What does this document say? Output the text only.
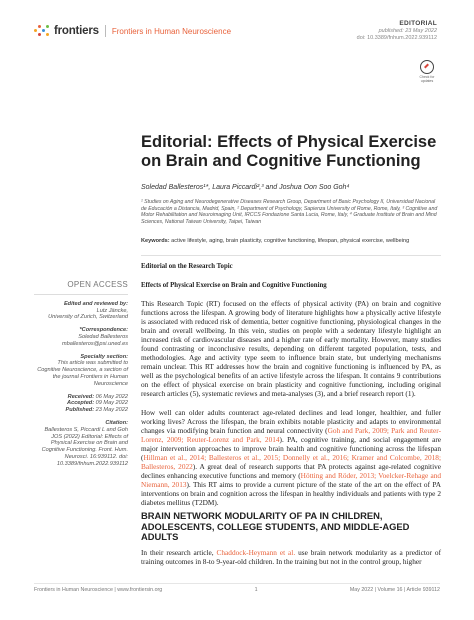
frontiers Frontiers in Human Neuroscience
EDITORIAL
published: 23 May 2022
doi: 10.3389/fnhum.2022.939112
Check for updates
Editorial: Effects of Physical Exercise on Brain and Cognitive Functioning
Soledad Ballesteros¹*, Laura Piccardi²,³ and Joshua Oon Soo Goh⁴
¹ Studies on Aging and Neurodegenerative Diseases Research Group, Department of Basic Psychology II, Universidad Nacional de Educación a Distancia, Madrid, Spain, ² Department of Psychology, Sapienza University of Rome, Rome, Italy, ³ Cognitive and Motor Rehabilitation and Neuroimaging Unit, IRCCS Fondazione Santa Lucia, Rome, Italy, ⁴ Graduate Institute of Brain and Mind Sciences, National Taiwan University, Taipei, Taiwan
Keywords: active lifestyle, aging, brain plasticity, cognitive functioning, lifespan, physical exercise, wellbeing
Editorial on the Research Topic
Effects of Physical Exercise on Brain and Cognitive Functioning

This Research Topic (RT) focused on the effects of physical activity (PA) on brain and cognitive functions across the lifespan. A growing body of literature highlights how a physically active lifestyle is associated with reduced risk of dementia, better cognitive functioning, physiological changes in the brain and overall wellbeing. In this vein, studies on people with a sedentary lifestyle highlight an increased risk of cardiovascular diseases and a higher rate of early mortality. However, many studies found contrasting or inconclusive results, depending on different targeted population, tests, and methodologies. Age and activity type seem to influence brain state, but underlying mechanisms remain unclear. This RT addresses how the brain and cognitive functioning is influenced by PA, as well as the psychological benefits of an active lifestyle across the lifespan. It contains 9 contributions on the effect of physical exercise on brain plasticity and cognitive functioning, including original research articles (5), systematic reviews and meta-analyses (3), and a brief research report (1).

How well can older adults counteract age-related declines and lead longer, healthier, and fuller working lives? Across the lifespan, the brain exhibits notable plasticity and adapts to environmental changes via modifying brain function and neural connectivity (Goh and Park, 2009; Park and Reuter-Lorenz, 2009; Reuter-Lorenz and Park, 2014). PA, cognitive training, and social engagement are major intervention approaches to improve brain health and cognitive functioning across the lifespan (Hillman et al., 2014; Ballesteros et al., 2015; Donnelly et al., 2016; Kramer and Colcombe, 2018; Ballesteros, 2022). A great deal of research supports that PA protects against age-related cognitive declines enhancing executive functions and memory (Hötting and Röder, 2013; Voelcker-Rehage and Niemann, 2013). This RT aims to provide a current picture of the state of the art on the effect of PA interventions on brain and cognition across the lifespan in healthy individuals and patients with type 2 diabetes mellitus (T2DM).

BRAIN NETWORK MODULARITY OF PA IN CHILDREN, ADOLESCENTS, COLLEGE STUDENTS, AND MIDDLE-AGED ADULTS

In their research article, Chaddock-Heymann et al. use brain network modularity as a predictor of training outcomes in 8-to 9-year-old children. In the training but not in the control group, higher

OPEN ACCESS
Edited and reviewed by:
Lutz Jäncke,
University of Zurich, Switzerland
*Correspondence:
Soledad Ballesteros
mballesteros@psi.uned.es
Specialty section:
This article was submitted to Cognitive Neuroscience, a section of the journal Frontiers in Human Neuroscience
Received: 06 May 2022
Accepted: 09 May 2022
Published: 23 May 2022
Citation:
Ballesteros S, Piccardi L and Goh JOS (2022) Editorial: Effects of Physical Exercise on Brain and Cognitive Functioning. Front. Hum. Neurosci. 16:939112. doi: 10.3389/fnhum.2022.939112
Frontiers in Human Neuroscience | www.frontiersin.org	1	May 2022 | Volume 16 | Article 939112
